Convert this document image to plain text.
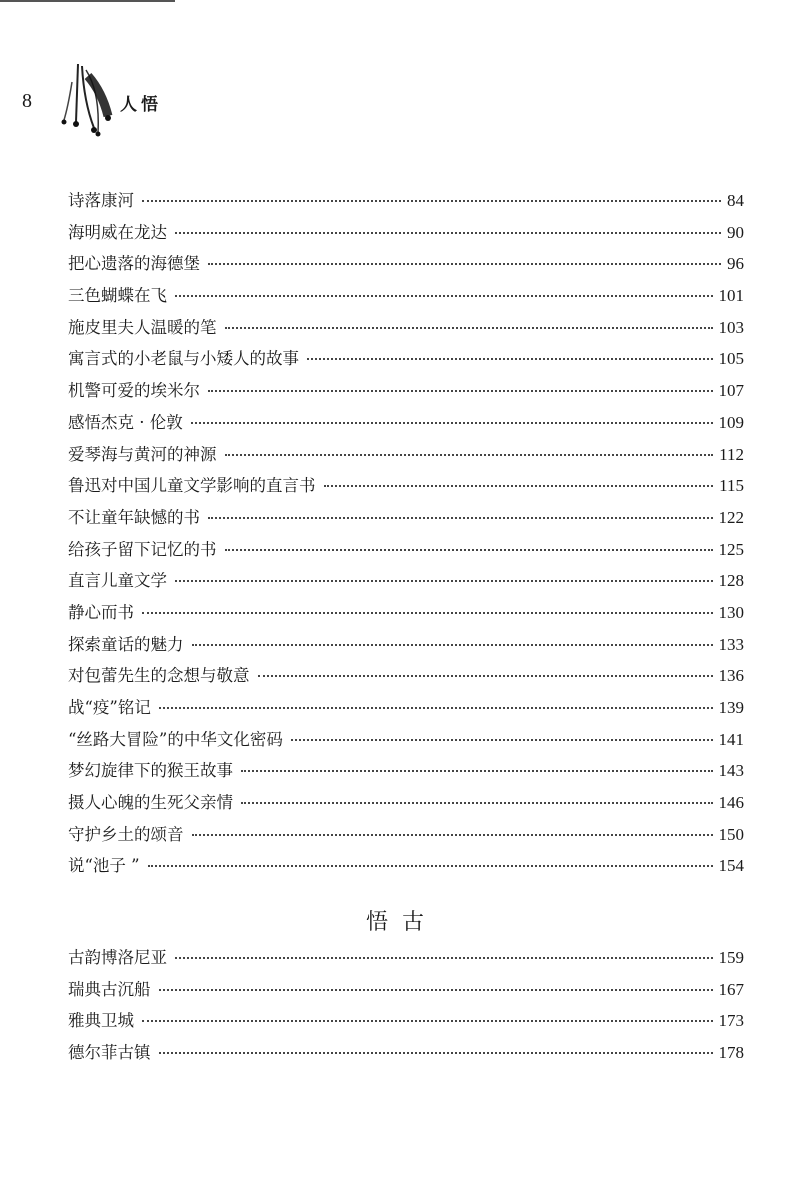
8	人悟
诗落康河	84
海明威在龙达	90
把心遗落的海德堡	96
三色蝴蝶在飞	101
施皮里夫人温暖的笔	103
寓言式的小老鼠与小矮人的故事	105
机警可爱的埃米尔	107
感悟杰克 · 伦敦	109
爱琴海与黄河的神源	112
鲁迅对中国儿童文学影响的直言书	115
不让童年缺憾的书	122
给孩子留下记忆的书	125
直言儿童文学	128
静心而书	130
探索童话的魅力	133
对包蕾先生的念想与敬意	136
战“疫”铭记	139
“丝路大冒险”的中华文化密码	141
梦幻旋律下的猴王故事	143
摄人心魄的生死父亲情	146
守护乡土的颂音	150
说“池子 ”	154
悟古
古韵博洛尼亚	159
瑞典古沉船	167
雅典卫城	173
德尔菲古镇	178
